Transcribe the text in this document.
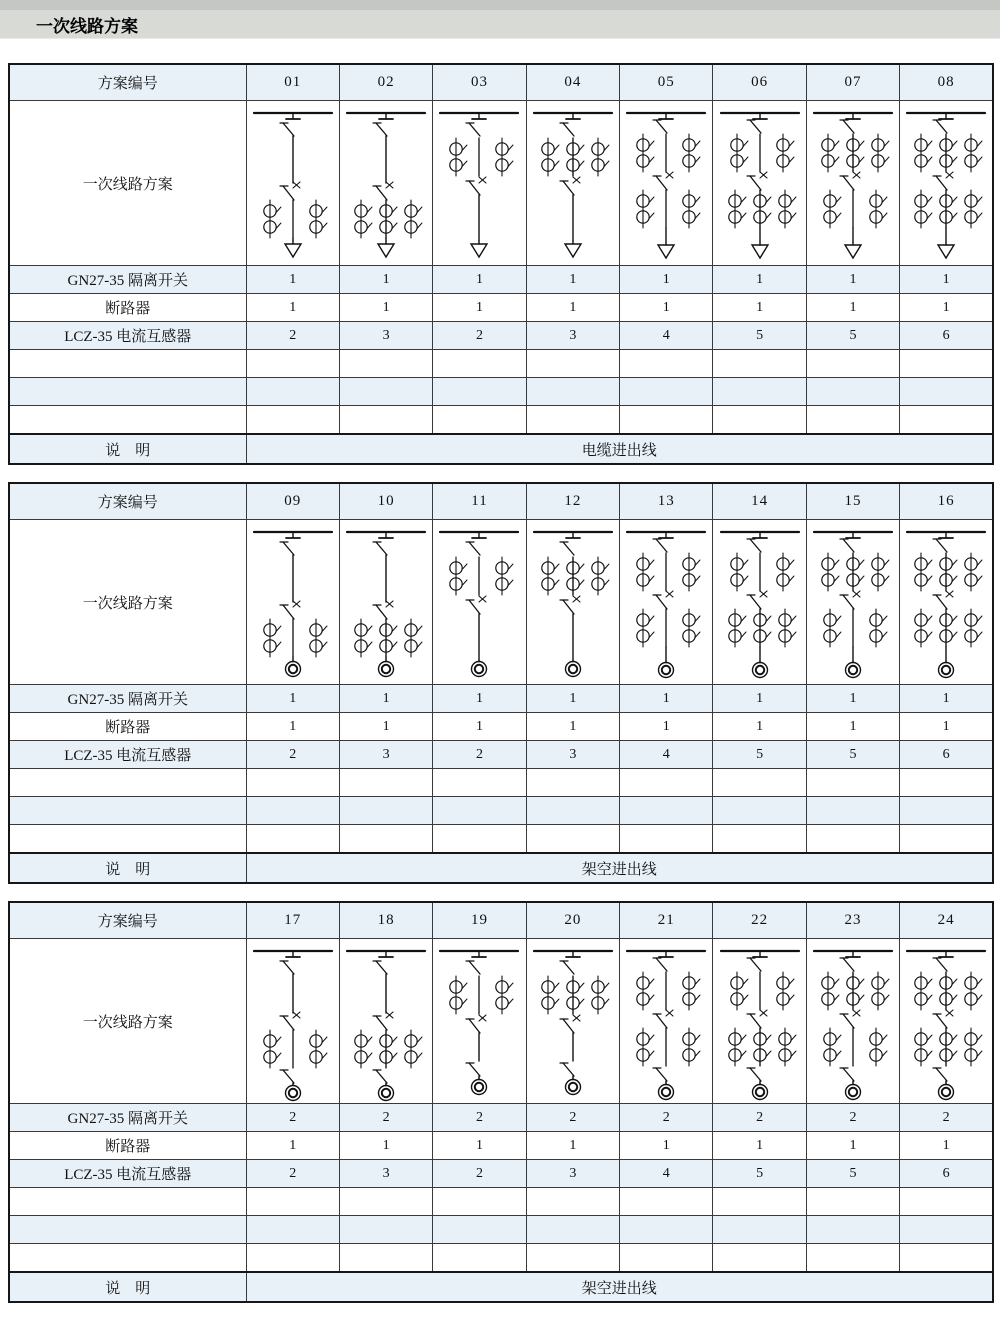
一次线路方案
方案编号	01	02	03	04	05	06	07	08
一次线路方案	

GN27-35 隔离开关	1	1	1	1	1	1	1	1
断路器	1	1	1	1	1	1	1	1
LCZ-35 电流互感器	2	3	2	3	4	5	5	6

说　明	电缆进出线							
方案编号	09	10	11	12	13	14	15	16
一次线路方案	

GN27-35 隔离开关	1	1	1	1	1	1	1	1
断路器	1	1	1	1	1	1	1	1
LCZ-35 电流互感器	2	3	2	3	4	5	5	6

说　明	架空进出线							
方案编号	17	18	19	20	21	22	23	24
一次线路方案	

GN27-35 隔离开关	2	2	2	2	2	2	2	2
断路器	1	1	1	1	1	1	1	1
LCZ-35 电流互感器	2	3	2	3	4	5	5	6

说　明	架空进出线							
